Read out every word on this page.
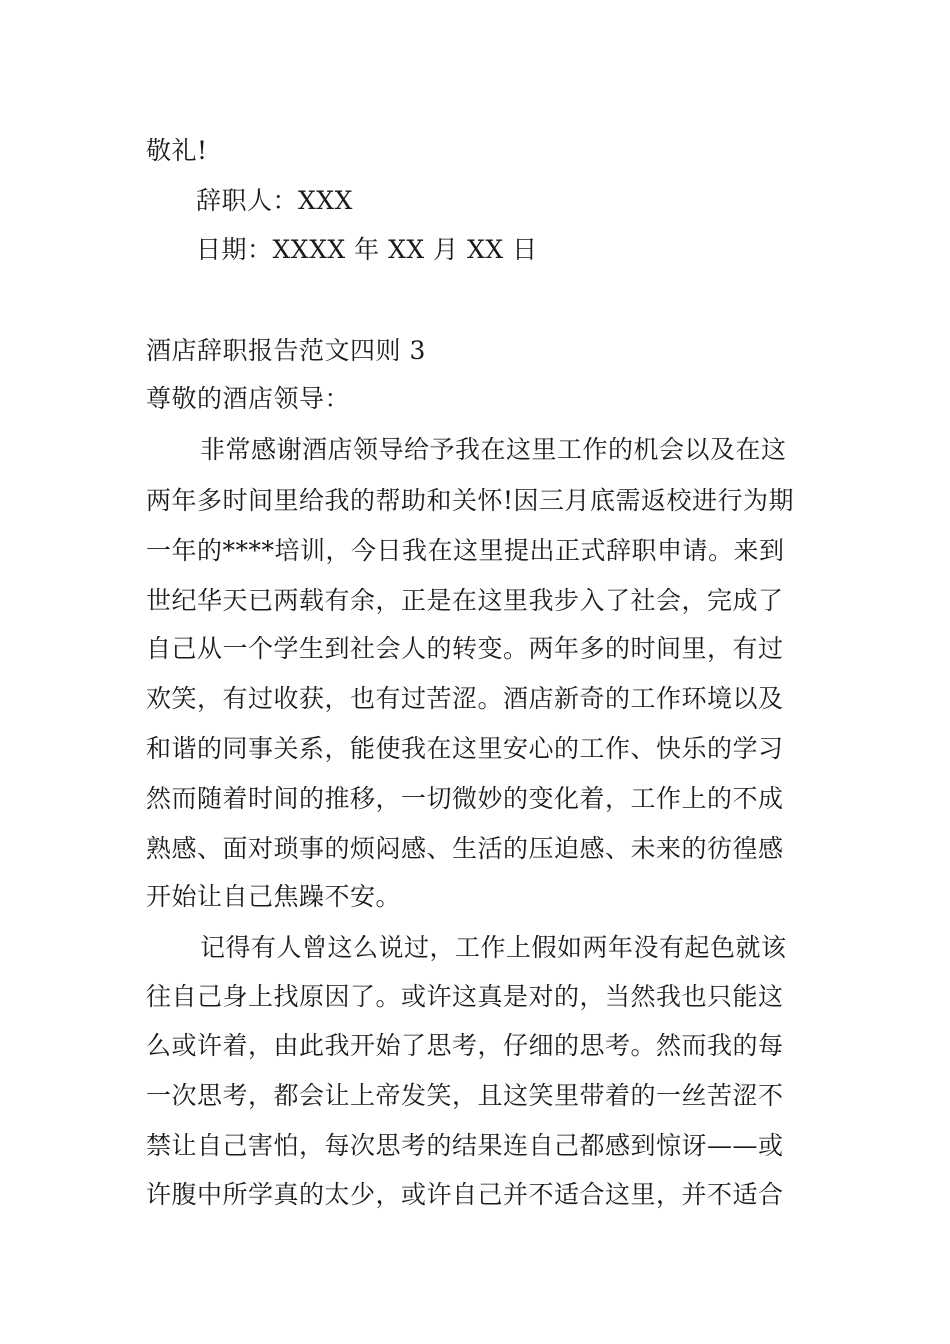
敬礼!
辞职人：XXX
日期：XXXX 年 XX 月 XX 日
酒店辞职报告范文四则 3
尊敬的酒店领导：
非常感谢酒店领导给予我在这里工作的机会以及在这
两年多时间里给我的帮助和关怀!因三月底需返校进行为期
一年的****培训，今日我在这里提出正式辞职申请。来到
世纪华天已两载有余，正是在这里我步入了社会，完成了
自己从一个学生到社会人的转变。两年多的时间里，有过
欢笑，有过收获，也有过苦涩。酒店新奇的工作环境以及
和谐的同事关系，能使我在这里安心的工作、快乐的学习
然而随着时间的推移，一切微妙的变化着，工作上的不成
熟感、面对琐事的烦闷感、生活的压迫感、未来的彷徨感
开始让自己焦躁不安。
记得有人曾这么说过，工作上假如两年没有起色就该
往自己身上找原因了。或许这真是对的，当然我也只能这
么或许着，由此我开始了思考，仔细的思考。然而我的每
一次思考，都会让上帝发笑，且这笑里带着的一丝苦涩不
禁让自己害怕，每次思考的结果连自己都感到惊讶——或
许腹中所学真的太少，或许自己并不适合这里，并不适合
